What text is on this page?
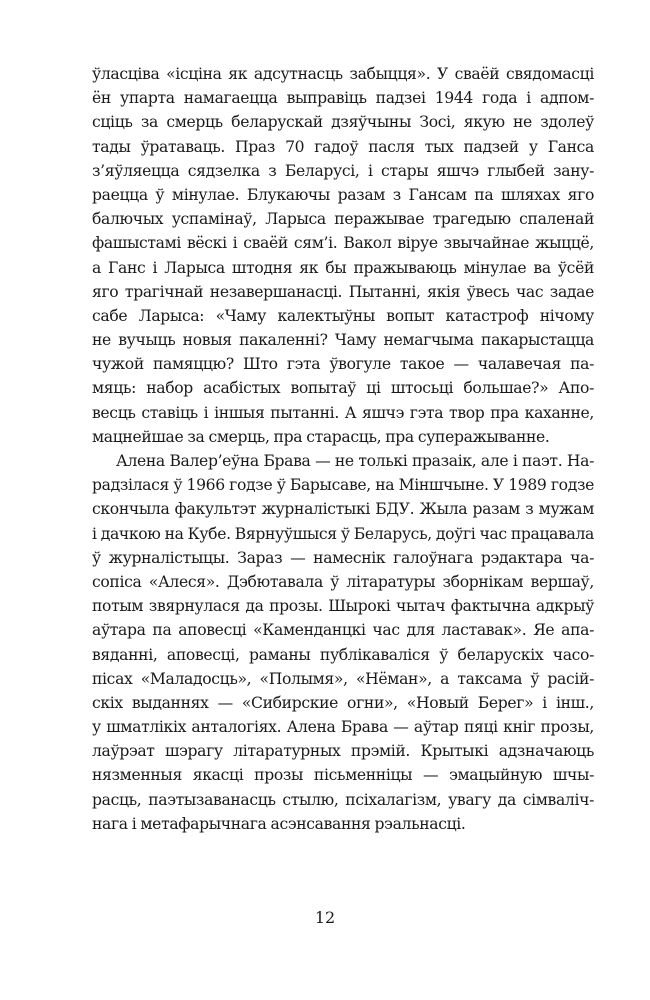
ўласцівa «ісціна як адсутнасць забыцця». У сваёй свядомасці
ён упарта намагаецца выправіць падзеі 1944 года і адпом-
сціць за смерць беларускай дзяўчыны Зосі, якую не здолеў
тады ўратаваць. Праз 70 гадоў пасля тых падзей у Ганса
з’яўляецца сядзелка з Беларусі, і стары яшчэ глыбей зану-
раецца ў мінулае. Блукаючы разам з Гансам па шляхах яго
балючых успамінаў, Ларыса перажывае трагедыю спаленай
фашыстамі вёскі і сваёй сям’і. Вакол віруе звычайнае жыццё,
а Ганс і Ларыса штодня як бы пражываюць мінулае ва ўсёй
яго трагічнай незавершанасці. Пытанні, якія ўвесь час задае
сабе Ларыса: «Чаму калектыўны вопыт катастроф нічому
не вучыць новыя пакаленні? Чаму немагчыма пакарыстацца
чужой памяццю? Што гэта ўвогуле такое — чалавечая па-
мяць: набор асабістых вопытаў ці штосьці большае?» Апо-
весць ставіць і іншыя пытанні. А яшчэ гэта твор пра каханне,
мацнейшае за смерць, пра старасць, пра суперажыванне.
Алена Валер’еўна Брава — не толькі празаік, але і паэт. На-
радзілася ў 1966 годзе ў Барысаве, на Міншчыне. У 1989 годзе
скончыла факультэт журналістыкі БДУ. Жыла разам з мужам
і дачкою на Кубе. Вярнуўшыся ў Беларусь, доўгі час працавала
ў журналістыцы. Зараз — намеснік галоўнага рэдактара ча-
сопіса «Алеся». Дэбютавала ў літаратуры зборнікам вершаў,
потым звярнулася да прозы. Шырокі чытач фактычна адкрыў
аўтара па аповесці «Каменданцкі час для ластавак». Яе апа-
вяданні, аповесці, раманы публікаваліся ў беларускіх часо-
пісах «Маладосць», «Полымя», «Нёман», а таксама ў расій-
скіх выданнях — «Сибирские огни», «Новый Берег» і інш.,
у шматлікіх анталогіях. Алена Брава — аўтар пяці кніг прозы,
лаўрэат шэрагу літаратурных прэмій. Крытыкі адзначаюць
нязменныя якасці прозы пісьменніцы — эмацыйную шчы-
расць, паэтызаванасць стылю, псіхалагізм, увагу да сімваліч-
нага і метафарычнага асэнсавання рэальнасці.
12
